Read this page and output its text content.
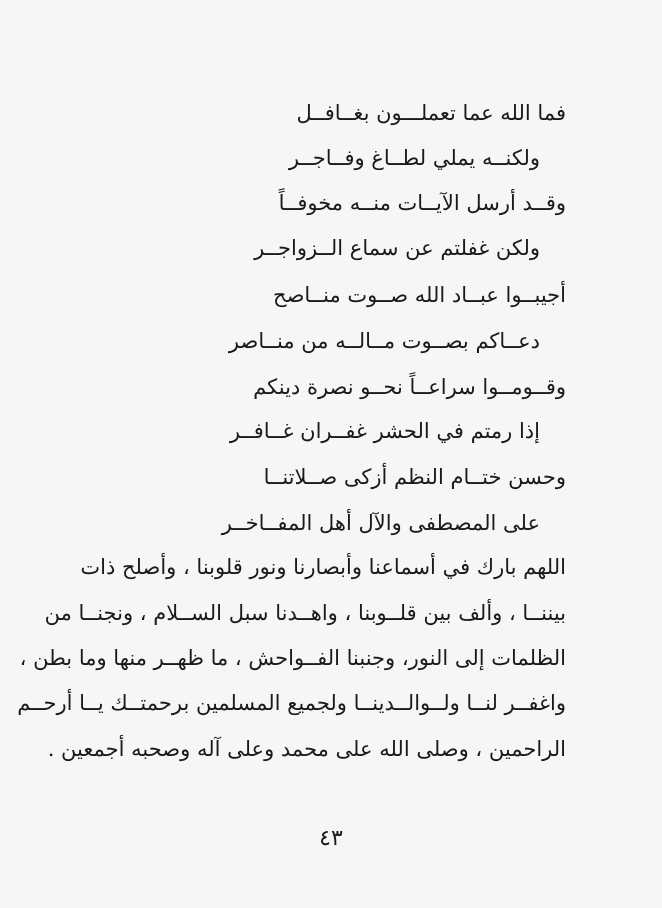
فما الله عما تعملـــون بغــافــل
ولكنــه يملي لطــاغ وفــاجــر
وقــد أرسل الآيــات منــه مخوفــاً
ولكن غفلتم عن سماع الــزواجــر
أجيبــوا عبــاد الله صــوت منــاصح
دعــاكم بصــوت مــالــه من منــاصر
وقــومــوا سراعــاً نحــو نصرة دينكم
إذا رمتم في الحشر غفــران غــافــر
وحسن ختــام النظم أزكى صــلاتنــا
على المصطفى والآل أهل المفــاخــر
اللهم بارك في أسماعنا وأبصارنا ونور قلوبنا ، وأصلح ذات
بيننــا ، وألف بين قلــوبنا ، واهــدنا سبل الســلام ، ونجنــا من
الظلمات إلى النور، وجنبنا الفــواحش ، ما ظهــر منها وما بطن ،
واغفــر لنــا ولــوالــدينــا ولجميع المسلمين برحمتــك يــا أرحــم
الراحمين ، وصلى الله على محمد وعلى آله وصحبه أجمعين .
٤٣
